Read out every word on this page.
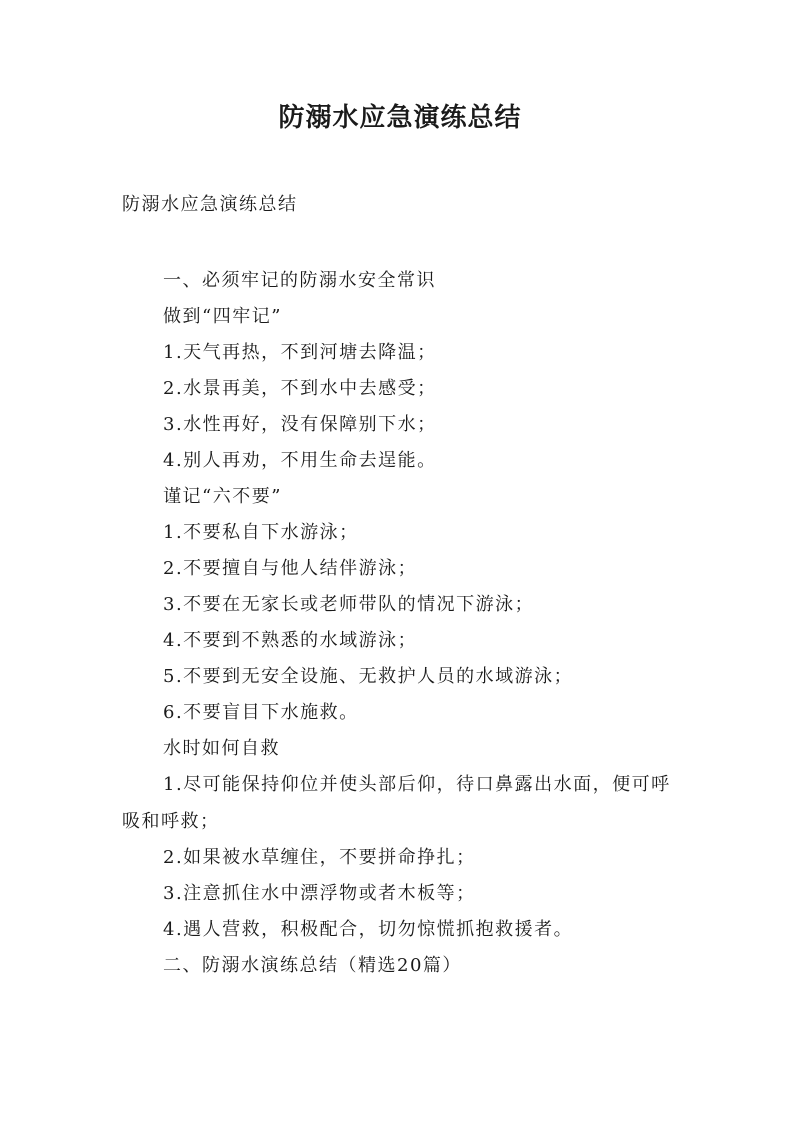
防溺水应急演练总结

防溺水应急演练总结

一、必须牢记的防溺水安全常识

做到“四牢记”

1.天气再热，不到河塘去降温；

2.水景再美，不到水中去感受；

3.水性再好，没有保障别下水；

4.别人再劝，不用生命去逞能。

谨记“六不要”

1.不要私自下水游泳；

2.不要擅自与他人结伴游泳；

3.不要在无家长或老师带队的情况下游泳；

4.不要到不熟悉的水域游泳；

5.不要到无安全设施、无救护人员的水域游泳；

6.不要盲目下水施救。

水时如何自救

1.尽可能保持仰位并使头部后仰，待口鼻露出水面，便可呼吸和呼救；

2.如果被水草缠住，不要拼命挣扎；

3.注意抓住水中漂浮物或者木板等；

4.遇人营救，积极配合，切勿惊慌抓抱救援者。

二、防溺水演练总结（精选20篇）
